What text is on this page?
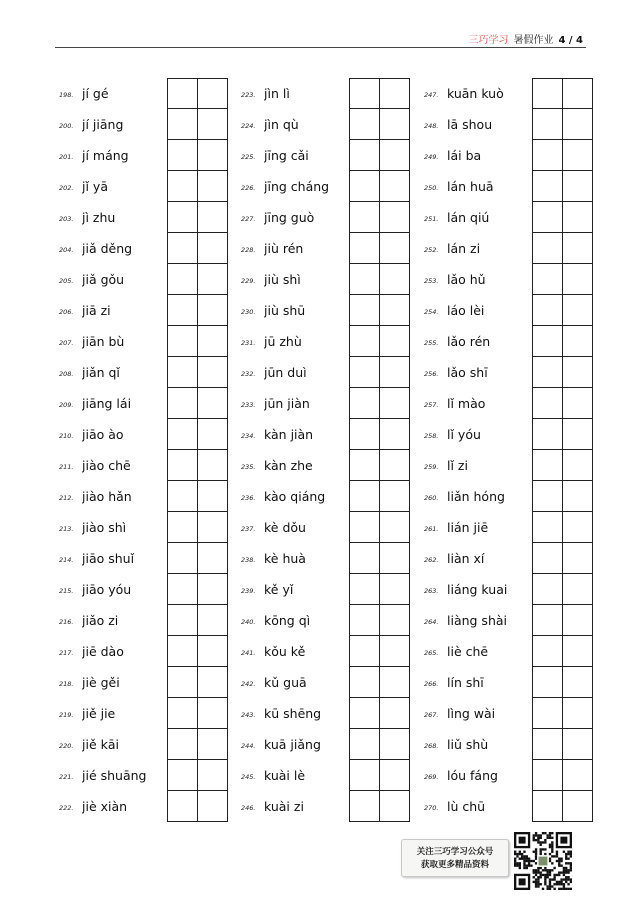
三巧学习 暑假作业 4 / 4
198. jí gé
200. jí jiāng
201. jí máng
202. jǐ yā
203. jì zhu
204. jiǎ děng
205. jiǎ gǒu
206. jiā zi
207. jiān bù
208. jiǎn qǐ
209. jiāng lái
210. jiāo ào
211. jiào chē
212. jiào hǎn
213. jiào shì
214. jiāo shuǐ
215. jiāo yóu
216. jiǎo zi
217. jiē dào
218. jiè gěi
219. jiě jie
220. jiě kāi
221. jié shuāng
222. jiè xiàn
223. jìn lì
224. jìn qù
225. jīng cǎi
226. jīng cháng
227. jīng guò
228. jiù rén
229. jiù shì
230. jiù shū
231. jū zhù
232. jūn duì
233. jūn jiàn
234. kàn jiàn
235. kàn zhe
236. kào qiáng
237. kè dǒu
238. kè huà
239. kě yǐ
240. kōng qì
241. kǒu kě
242. kǔ guā
243. kū shēng
244. kuā jiǎng
245. kuài lè
246. kuài zi
247. kuān kuò
248. lā shou
249. lái ba
250. lán huā
251. lán qiú
252. lán zi
253. lǎo hǔ
254. láo lèi
255. lǎo rén
256. lǎo shī
257. lǐ mào
258. lǐ yóu
259. lǐ zi
260. liǎn hóng
261. lián jiē
262. liàn xí
263. liáng kuai
264. liàng shài
265. liè chē
266. lín shī
267. lìng wài
268. liǔ shù
269. lóu fáng
270. lù chū
关注三巧学习公众号
获取更多精品资料
